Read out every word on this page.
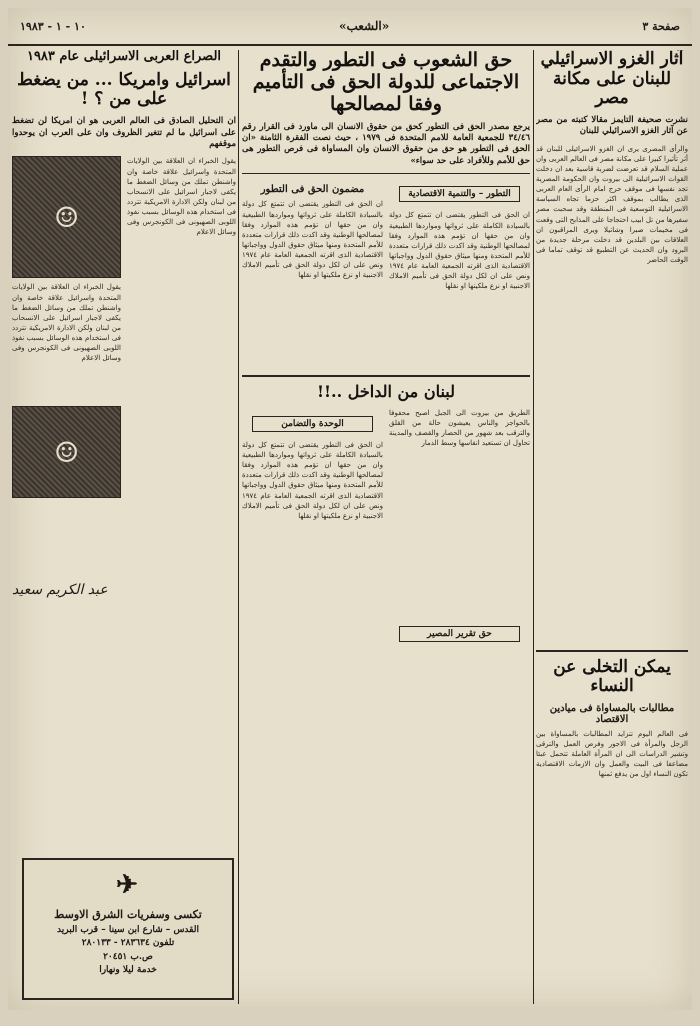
صفحة ٣
«الشعب»
١٠ - ١ - ١٩٨٣
آثار الغزو الاسرائيلي للبنان على مكانة مصر
نشرت صحيفة التايمز مقالا كتبته من مصر عن آثار الغزو الاسرائيلي للبنان
والرأى المصرى يرى ان الغزو الاسرائيلى للبنان قد أثر تأثيرا كبيرا على مكانة مصر فى العالم العربى وان عملية السلام قد تعرضت لضربة قاسية بعد ان دخلت القوات الاسرائيلية الى بيروت وان الحكومة المصرية تجد نفسها فى موقف حرج امام الرأى العام العربى الذى يطالب بموقف اكثر حزما تجاه السياسة الاسرائيلية التوسعية فى المنطقة وقد سحبت مصر سفيرها من تل ابيب احتجاجا على المذابح التى وقعت فى مخيمات صبرا وشاتيلا ويرى المراقبون ان العلاقات بين البلدين قد دخلت مرحلة جديدة من البرود وان الحديث عن التطبيع قد توقف تماما فى الوقت الحاضر
يمكن التخلى عن النساء
مطالبات بالمساواة فى ميادين الاقتصاد
فى العالم اليوم تتزايد المطالبات بالمساواة بين الرجل والمرأة فى الاجور وفرص العمل والترقى وتشير الدراسات الى ان المرأة العاملة تتحمل عبئا مضاعفا فى البيت والعمل وان الازمات الاقتصادية تكون النساء اول من يدفع ثمنها
حق الشعوب فى التطور والتقدم الاجتماعى للدولة الحق فى التأميم وفقا لمصالحها
يرجع مصدر الحق فى التطور كحق من حقوق الانسان الى ماورد فى القرار رقم ٣٤/٤٦ للجمعية العامة للامم المتحدة فى ١٩٧٩ ، حيث نصت الفقرة الثامنة «ان الحق فى التطور هو حق من حقوق الانسان وان المساواة فى فرص التطور هى حق للأمم وللأفراد على حد سواء»
التطور – والتنمية الاقتصادية
ان الحق فى التطور يقتضى ان تتمتع كل دولة بالسيادة الكاملة على ثرواتها ومواردها الطبيعية وان من حقها ان تؤمم هذه الموارد وفقا لمصالحها الوطنية وقد اكدت ذلك قرارات متعددة للأمم المتحدة ومنها ميثاق حقوق الدول وواجباتها الاقتصادية الذى اقرته الجمعية العامة عام ١٩٧٤ ونص على ان لكل دولة الحق فى تأميم الاملاك الاجنبية او نزع ملكيتها او نقلها
مضمون الحق فى التطور
ان الحق فى التطور يقتضى ان تتمتع كل دولة بالسيادة الكاملة على ثرواتها ومواردها الطبيعية وان من حقها ان تؤمم هذه الموارد وفقا لمصالحها الوطنية وقد اكدت ذلك قرارات متعددة للأمم المتحدة ومنها ميثاق حقوق الدول وواجباتها الاقتصادية الذى اقرته الجمعية العامة عام ١٩٧٤ ونص على ان لكل دولة الحق فى تأميم الاملاك الاجنبية او نزع ملكيتها او نقلها
لبنان من الداخل ..!!
الطريق من بيروت الى الجبل اصبح محفوفا بالحواجز والناس يعيشون حالة من القلق والترقب بعد شهور من الحصار والقصف والمدينة تحاول ان تستعيد انفاسها وسط الدمار
حق تقرير المصير
الوحدة والتضامن
ان الحق فى التطور يقتضى ان تتمتع كل دولة بالسيادة الكاملة على ثرواتها ومواردها الطبيعية وان من حقها ان تؤمم هذه الموارد وفقا لمصالحها الوطنية وقد اكدت ذلك قرارات متعددة للأمم المتحدة ومنها ميثاق حقوق الدول وواجباتها الاقتصادية الذى اقرته الجمعية العامة عام ١٩٧٤ ونص على ان لكل دولة الحق فى تأميم الاملاك الاجنبية او نزع ملكيتها او نقلها
الصراع العربى الاسرائيلى عام ١٩٨٣
اسرائيل وامريكا ... من يضغط على من ؟ !
ان التحليل الصادق فى العالم العربى هو ان امريكا لن تضغط على اسرائيل ما لم تتغير الظروف وان على العرب ان يوحدوا موقفهم
يقول الخبراء ان العلاقة بين الولايات المتحدة واسرائيل علاقة خاصة وان واشنطن تملك من وسائل الضغط ما يكفى لاجبار اسرائيل على الانسحاب من لبنان ولكن الادارة الامريكية تتردد فى استخدام هذه الوسائل بسبب نفوذ اللوبى الصهيونى فى الكونجرس وفى وسائل الاعلام
☺
يقول الخبراء ان العلاقة بين الولايات المتحدة واسرائيل علاقة خاصة وان واشنطن تملك من وسائل الضغط ما يكفى لاجبار اسرائيل على الانسحاب من لبنان ولكن الادارة الامريكية تتردد فى استخدام هذه الوسائل بسبب نفوذ اللوبى الصهيونى فى الكونجرس وفى وسائل الاعلام
☺
عبد الكريم سعيد
✈
تكسى وسفريات الشرق الاوسط
القدس – شارع ابن سينا – قرب البريد
تلفون ٢٨٣٦٣٤ - ٢٨٠١٣٣
ص.ب ٢٠٤٥١
خدمة ليلا ونهارا
